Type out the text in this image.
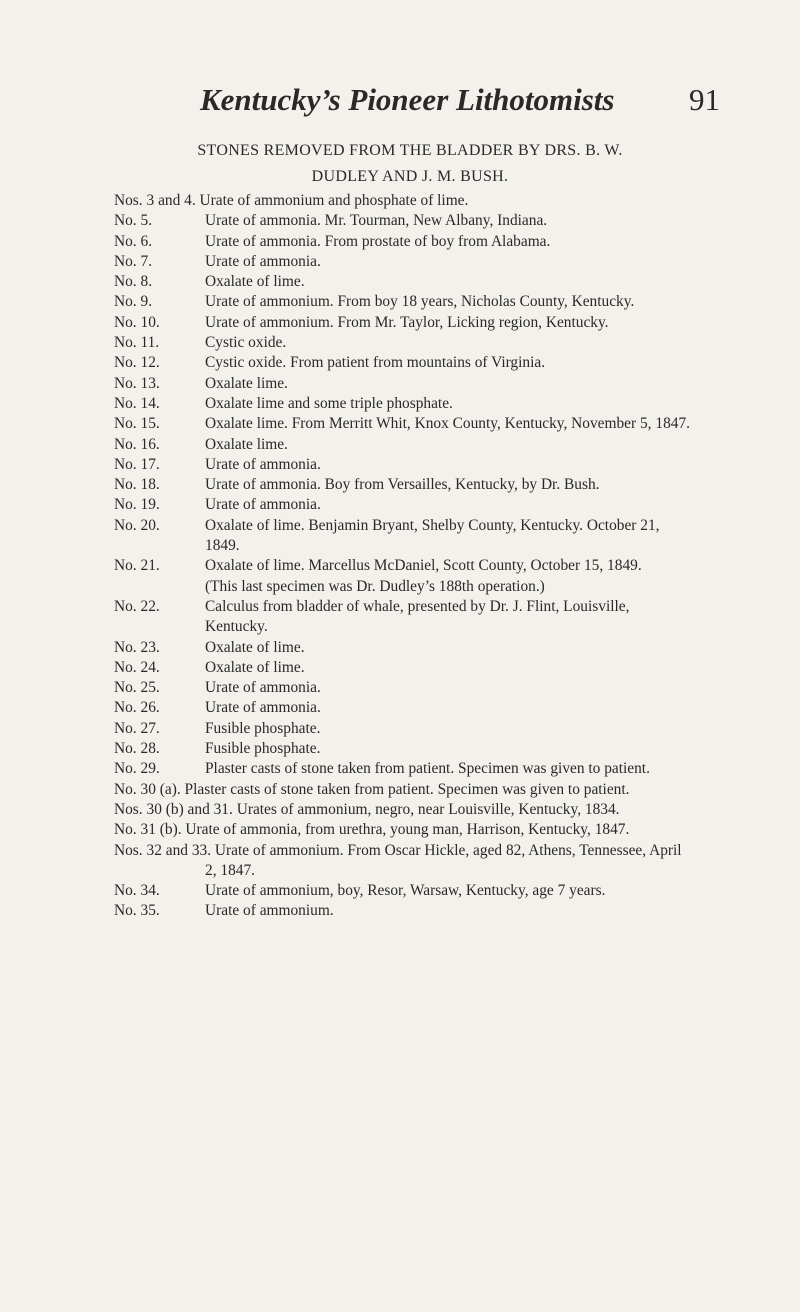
Kentucky’s Pioneer Lithotomists 91
STONES REMOVED FROM THE BLADDER BY DRS. B. W.
DUDLEY AND J. M. BUSH.
Nos. 3 and 4. Urate of ammonium and phosphate of lime.
No. 5.	Urate of ammonia. Mr. Tourman, New Albany, Indiana.
No. 6.	Urate of ammonia. From prostate of boy from Alabama.
No. 7.	Urate of ammonia.
No. 8.	Oxalate of lime.
No. 9.	Urate of ammonium. From boy 18 years, Nicholas County, Kentucky.
No. 10.	Urate of ammonium. From Mr. Taylor, Licking region, Kentucky.
No. 11.	Cystic oxide.
No. 12.	Cystic oxide. From patient from mountains of Virginia.
No. 13.	Oxalate lime.
No. 14.	Oxalate lime and some triple phosphate.
No. 15.	Oxalate lime. From Merritt Whit, Knox County, Kentucky, November 5, 1847.
No. 16.	Oxalate lime.
No. 17.	Urate of ammonia.
No. 18.	Urate of ammonia. Boy from Versailles, Kentucky, by Dr. Bush.
No. 19.	Urate of ammonia.
No. 20.	Oxalate of lime. Benjamin Bryant, Shelby County, Kentucky. October 21, 1849.
No. 21.	Oxalate of lime. Marcellus McDaniel, Scott County, October 15, 1849.
(This last specimen was Dr. Dudley’s 188th operation.)
No. 22.	Calculus from bladder of whale, presented by Dr. J. Flint, Louisville, Kentucky.
No. 23.	Oxalate of lime.
No. 24.	Oxalate of lime.
No. 25.	Urate of ammonia.
No. 26.	Urate of ammonia.
No. 27.	Fusible phosphate.
No. 28.	Fusible phosphate.
No. 29.	Plaster casts of stone taken from patient. Specimen was given to patient.
No. 30 (a). Plaster casts of stone taken from patient. Specimen was given to patient.
Nos. 30 (b) and 31. Urates of ammonium, negro, near Louisville, Kentucky, 1834.
No. 31 (b). Urate of ammonia, from urethra, young man, Harrison, Kentucky, 1847.
Nos. 32 and 33. Urate of ammonium. From Oscar Hickle, aged 82, Athens, Tennessee, April 2, 1847.
No. 34.	Urate of ammonium, boy, Resor, Warsaw, Kentucky, age 7 years.
No. 35.	Urate of ammonium.
